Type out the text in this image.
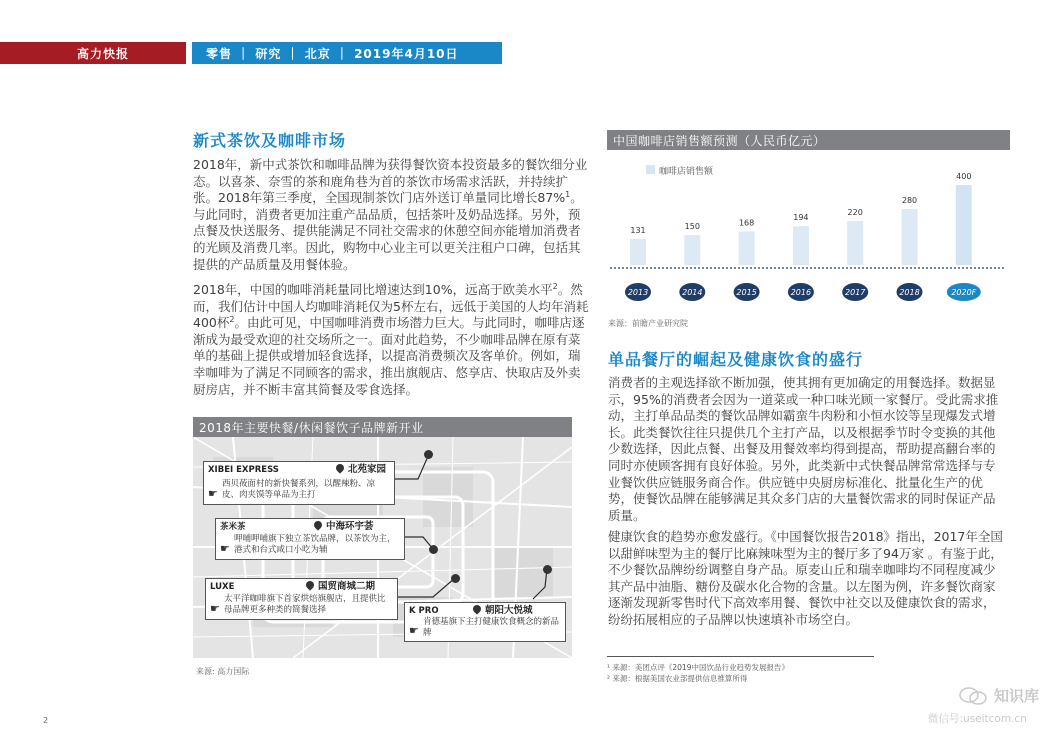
高力快报	零售 ｜ 研究 ｜ 北京 ｜ 2019年4月10日
新式茶饮及咖啡市场
2018年，新中式茶饮和咖啡品牌为获得餐饮资本投资最多的餐饮细分业态。以喜茶、奈雪的茶和鹿角巷为首的茶饮市场需求活跃，并持续扩张。2018年第三季度，全国现制茶饮门店外送订单量同比增长87%$^1$。与此同时，消费者更加注重产品品质，包括茶叶及奶品选择。另外，预点餐及快送服务、提供能满足不同社交需求的休憩空间亦能增加消费者的光顾及消费几率。因此，购物中心业主可以更关注租户口碑，包括其提供的产品质量及用餐体验。
2018年，中国的咖啡消耗量同比增速达到10%，远高于欧美水平$^2$。然而，我们估计中国人均咖啡消耗仅为5杯左右，远低于美国的人均年消耗400杯$^2$。由此可见，中国咖啡消费市场潜力巨大。与此同时，咖啡店逐渐成为最受欢迎的社交场所之一。面对此趋势，不少咖啡品牌在原有菜单的基础上提供或增加轻食选择，以提高消费频次及客单价。例如，瑞幸咖啡为了满足不同顾客的需求，推出旗舰店、悠享店、快取店及外卖厨房店，并不断丰富其简餐及零食选择。
2018年主要快餐/休闲餐饮子品牌新开业
XIBEI EXPRESS	北苑家园
☛
西贝莜面村的新快餐系列，以醒辣粉、凉皮、肉夹馍等单品为主打
茶米茶	中海环宇荟
☛
呷哺呷哺旗下独立茶饮品牌，以茶饮为主，港式和台式咸口小吃为辅
LUXE	国贸商城二期
☛
太平洋咖啡旗下首家烘焙旗舰店，且提供比母品牌更多种类的简餐选择	K PRO	朝阳大悦城
☛
肯德基旗下主打健康饮食概念的新品牌
来源: 高力国际
中国咖啡店销售额预测（人民币亿元）
咖啡店销售额
131	150	168
194
220
280
400
2013	2014	2015	2016	2017	2018	2020F
来源：前瞻产业研究院
单品餐厅的崛起及健康饮食的盛行
消费者的主观选择欲不断加强，使其拥有更加确定的用餐选择。数据显示，95%的消费者会因为一道菜或一种口味光顾一家餐厅。受此需求推动，主打单品品类的餐饮品牌如霸蛮牛肉粉和小恒水饺等呈现爆发式增长。此类餐饮往往只提供几个主打产品，以及根据季节时令变换的其他少数选择，因此点餐、出餐及用餐效率均得到提高，帮助提高翻台率的同时亦使顾客拥有良好体验。另外，此类新中式快餐品牌常常选择与专业餐饮供应链服务商合作。供应链中央厨房标准化、批量化生产的优势，使餐饮品牌在能够满足其众多门店的大量餐饮需求的同时保证产品质量。
健康饮食的趋势亦愈发盛行。《中国餐饮报告2018》指出，2017年全国以甜鲜味型为主的餐厅比麻辣味型为主的餐厅多了94万家 。有鉴于此，不少餐饮品牌纷纷调整自身产品。原麦山丘和瑞幸咖啡均不同程度减少其产品中油脂、糖份及碳水化合物的含量。以左图为例，许多餐饮商家逐渐发现新零售时代下高效率用餐、餐饮中社交以及健康饮食的需求，纷纷拓展相应的子品牌以快速填补市场空白。
¹ 来源：美团点评《2019中国饮品行业趋势发展报告》
² 来源：根据美国农业部提供信息推算所得
2
知识库
微信号:useitcom.cn
